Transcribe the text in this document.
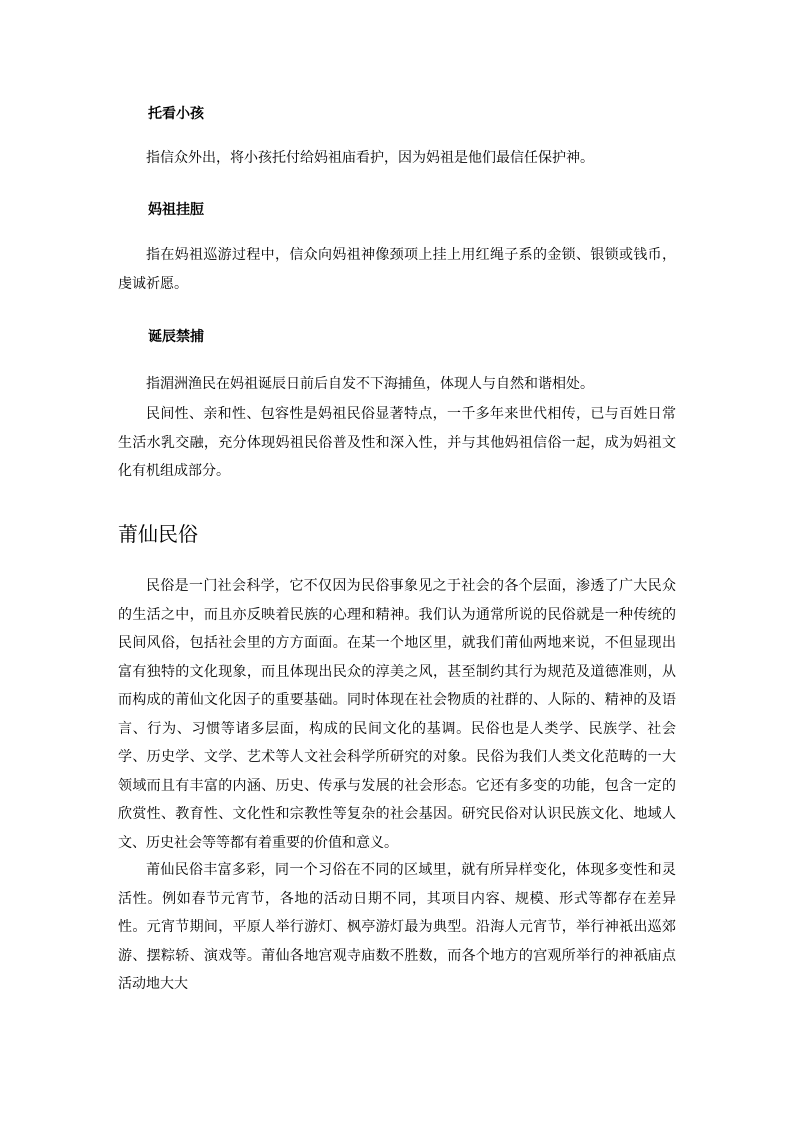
托看小孩

指信众外出，将小孩托付给妈祖庙看护，因为妈祖是他们最信任保护神。

妈祖挂脰

指在妈祖巡游过程中，信众向妈祖神像颈项上挂上用红绳子系的金锁、银锁或钱币，虔诚祈愿。

诞辰禁捕

指湄洲渔民在妈祖诞辰日前后自发不下海捕鱼，体现人与自然和谐相处。

民间性、亲和性、包容性是妈祖民俗显著特点，一千多年来世代相传，已与百姓日常生活水乳交融，充分体现妈祖民俗普及性和深入性，并与其他妈祖信俗一起，成为妈祖文化有机组成部分。

莆仙民俗

民俗是一门社会科学，它不仅因为民俗事象见之于社会的各个层面，渗透了广大民众的生活之中，而且亦反映着民族的心理和精神。我们认为通常所说的民俗就是一种传统的民间风俗，包括社会里的方方面面。在某一个地区里，就我们莆仙两地来说，不但显现出富有独特的文化现象，而且体现出民众的淳美之风，甚至制约其行为规范及道德准则，从而构成的莆仙文化因子的重要基础。同时体现在社会物质的社群的、人际的、精神的及语言、行为、习惯等诸多层面，构成的民间文化的基调。民俗也是人类学、民族学、社会学、历史学、文学、艺术等人文社会科学所研究的对象。民俗为我们人类文化范畴的一大领域而且有丰富的内涵、历史、传承与发展的社会形态。它还有多变的功能，包含一定的欣赏性、教育性、文化性和宗教性等复杂的社会基因。研究民俗对认识民族文化、地域人文、历史社会等等都有着重要的价值和意义。

莆仙民俗丰富多彩，同一个习俗在不同的区域里，就有所异样变化，体现多变性和灵活性。例如春节元宵节，各地的活动日期不同，其项目内容、规模、形式等都存在差异性。元宵节期间，平原人举行游灯、枫亭游灯最为典型。沿海人元宵节，举行神祇出巡郊游、摆粽轿、演戏等。莆仙各地宫观寺庙数不胜数，而各个地方的宫观所举行的神祇庙点活动地大大
